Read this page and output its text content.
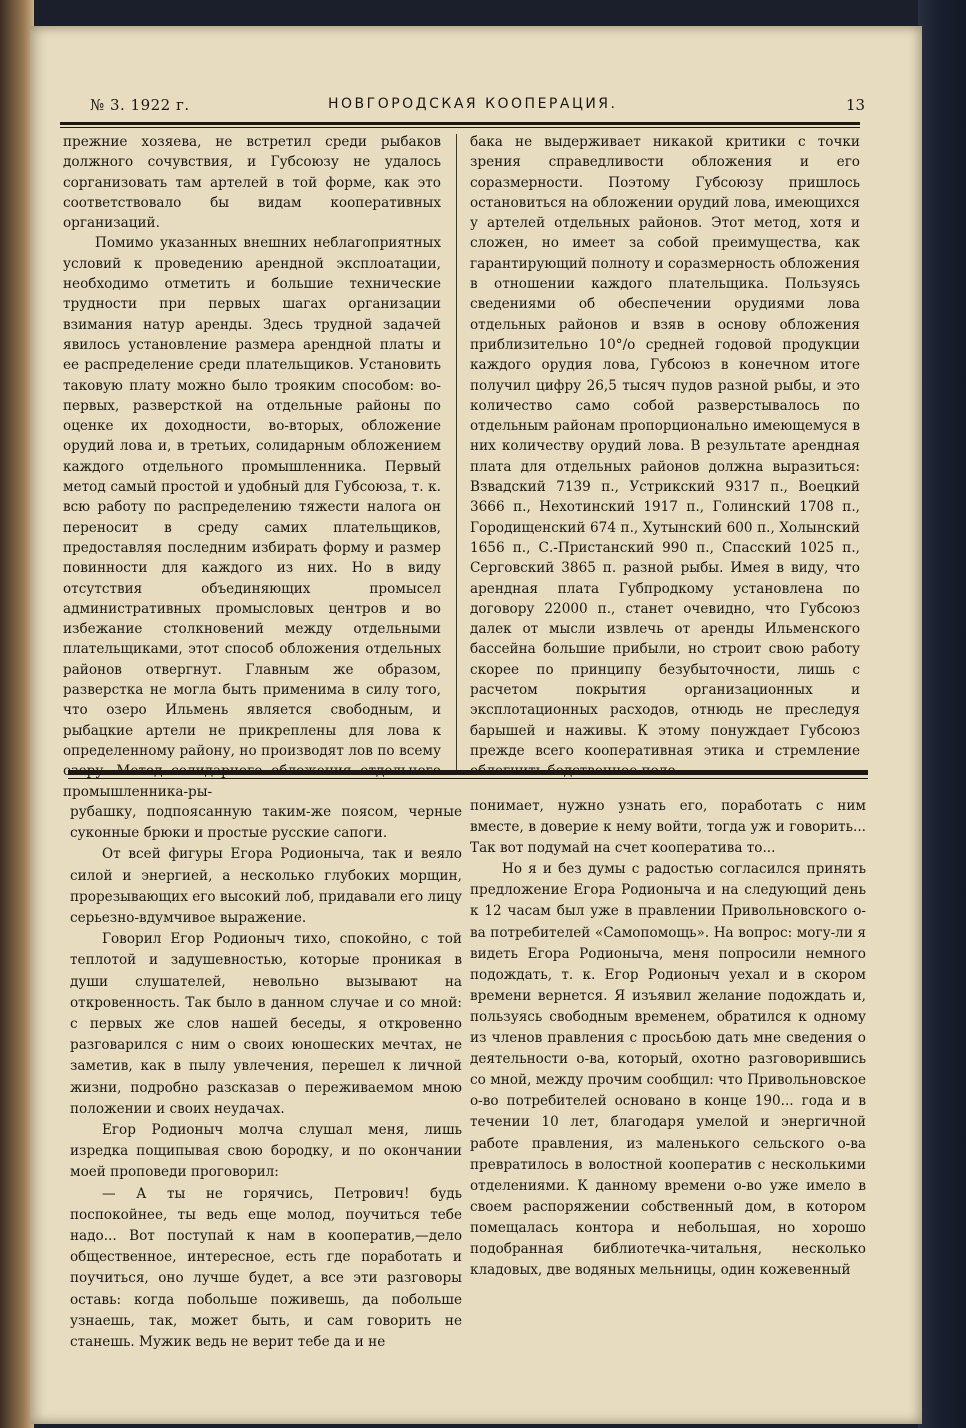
№ 3. 1922 г.	НОВГОРОДСКАЯ КООПЕРАЦИЯ.	13

прежние хозяева, не встретил среди рыбаков должного сочувствия, и Губсоюзу не удалось сорганизовать там артелей в той форме, как это соответствовало бы видам кооперативных организаций.

Помимо указанных внешних неблагоприятных условий к проведению арендной эксплоатации, необходимо отметить и большие технические трудности при первых шагах организации взимания натур аренды. Здесь трудной задачей явилось установление размера арендной платы и ее распределение среди плательщиков. Установить таковую плату можно было трояким способом: во-первых, разверсткой на отдельные районы по оценке их доходности, во-вторых, обложение орудий лова и, в третьих, солидарным обложением каждого отдельного промышленника. Первый метод самый простой и удобный для Губсоюза, т. к. всю работу по распределению тяжести налога он переносит в среду самих плательщиков, предоставляя последним избирать форму и размер повинности для каждого из них. Но в виду отсутствия объединяющих промысел административных промысловых центров и во избежание столкновений между отдельными плательщиками, этот способ обложения отдельных районов отвергнут. Главным же образом, разверстка не могла быть применима в силу того, что озеро Ильмень является свободным, и рыбацкие артели не прикреплены для лова к определенному району, но производят лов по всему озеру. Метод солидарного обложения отдельного промышленника-ры-

бака не выдерживает никакой критики с точки зрения справедливости обложения и его соразмерности. Поэтому Губсоюзу пришлось остановиться на обложении орудий лова, имеющихся у артелей отдельных районов. Этот метод, хотя и сложен, но имеет за собой преимущества, как гарантирующий полноту и соразмерность обложения в отношении каждого плательщика. Пользуясь сведениями об обеспечении орудиями лова отдельных районов и взяв в основу обложения приблизительно 10°/о средней годовой продукции каждого орудия лова, Губсоюз в конечном итоге получил цифру 26,5 тысяч пудов разной рыбы, и это количество само собой разверстывалось по отдельным районам пропорционально имеющемуся в них количеству орудий лова. В результате арендная плата для отдельных районов должна выразиться: Взвадский 7139 п., Устрикский 9317 п., Воецкий 3666 п., Нехотинский 1917 п., Голинский 1708 п., Городищенский 674 п., Хутынский 600 п., Холынский 1656 п., С.-Пристанский 990 п., Спасский 1025 п., Серговский 3865 п. разной рыбы. Имея в виду, что арендная плата Губпродкому установлена по договору 22000 п., станет очевидно, что Губсоюз далек от мысли извлечь от аренды Ильменского бассейна большие прибыли, но строит свою работу скорее по принципу безубыточности, лишь с расчетом покрытия организационных и эксплотационных расходов, отнюдь не преследуя барышей и наживы. К этому понуждает Губсоюз прежде всего кооперативная этика и стремление облегчить бедственное поло-

рубашку, подпоясанную таким-же поясом, черные суконные брюки и простые русские сапоги.

От всей фигуры Егора Родионыча, так и веяло силой и энергией, а несколько глубоких морщин, прорезывающих его высокий лоб, придавали его лицу серьезно-вдумчивое выражение.

Говорил Егор Родионыч тихо, спокойно, с той теплотой и задушевностью, которые проникая в души слушателей, невольно вызывают на откровенность. Так было в данном случае и со мной: с первых же слов нашей беседы, я откровенно разговарился с ним о своих юношеских мечтах, не заметив, как в пылу увлечения, перешел к личной жизни, подробно разсказав о переживаемом мною положении и своих неудачах.

Егор Родионыч молча слушал меня, лишь изредка пощипывая свою бородку, и по окончании моей проповеди проговорил:

— А ты не горячись, Петрович! будь поспокойнее, ты ведь еще молод, поучиться тебе надо... Вот поступай к нам в кооператив,—дело общественное, интересное, есть где поработать и поучиться, оно лучше будет, а все эти разговоры оставь: когда побольше поживешь, да побольше узнаешь, так, может быть, и сам говорить не станешь. Мужик ведь не верит тебе да и не

понимает, нужно узнать его, поработать с ним вместе, в доверие к нему войти, тогда уж и говорить... Так вот подумай на счет кооператива то...

Но я и без думы с радостью согласился принять предложение Егора Родионыча и на следующий день к 12 часам был уже в правлении Привольновского о-ва потребителей «Самопомощь». На вопрос: могу-ли я видеть Егора Родионыча, меня попросили немного подождать, т. к. Егор Родионыч уехал и в скором времени вернется. Я изъявил желание подождать и, пользуясь свободным временем, обратился к одному из членов правления с просьбою дать мне сведения о деятельности о-ва, который, охотно разговорившись со мной, между прочим сообщил: что Привольновское о-во потребителей основано в конце 190... года и в течении 10 лет, благодаря умелой и энергичной работе правления, из маленького сельского о-ва превратилось в волостной кооператив с несколькими отделениями. К данному времени о-во уже имело в своем распоряжении собственный дом, в котором помещалась контора и небольшая, но хорошо подобранная библиотечка-читальня, несколько кладовых, две водяных мельницы, один кожевенный
